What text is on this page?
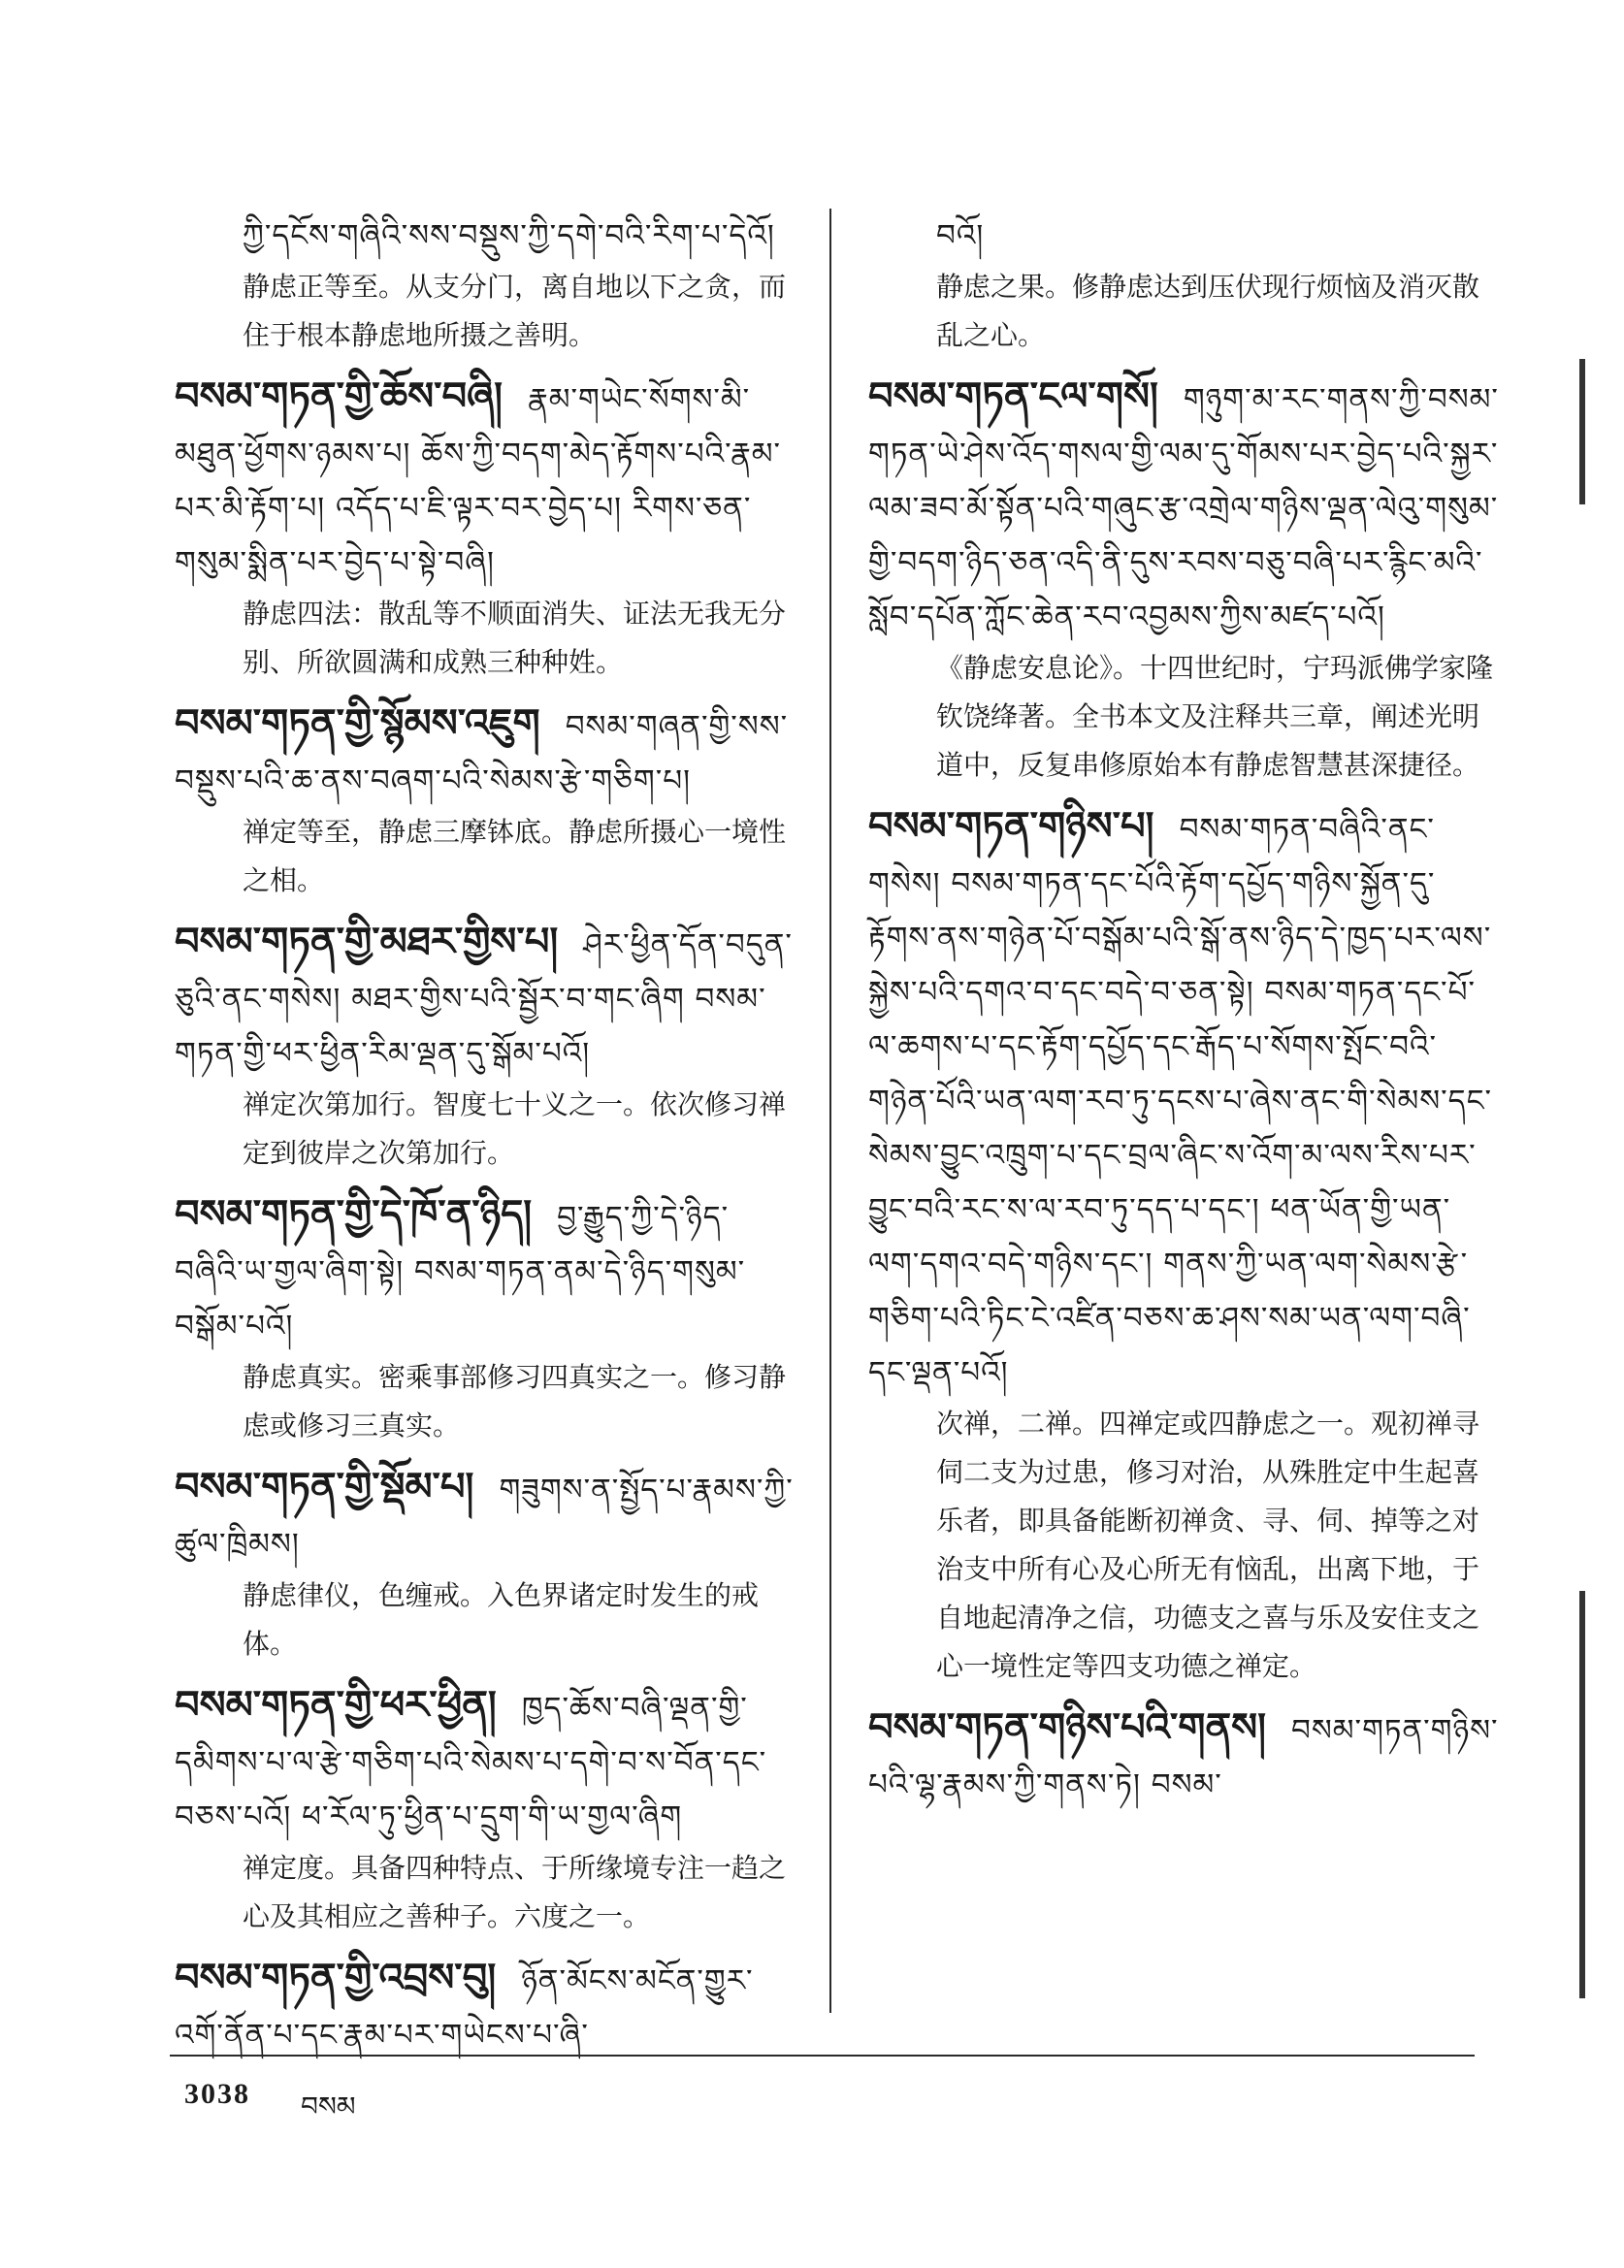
ཀྱི་དངོས་གཞིའི་སས་བསྡུས་ཀྱི་དགེ་བའི་རིག་པ་དེའོ།
静虑正等至。从支分门，离自地以下之贪，而住于根本静虑地所摄之善明。
བསམ་གཏན་གྱི་ཆོས་བཞི། རྣམ་གཡེང་སོགས་མི་མཐུན་ཕྱོགས་ཉམས་པ། ཆོས་ཀྱི་བདག་མེད་རྟོགས་པའི་རྣམ་པར་མི་རྟོག་པ། འདོད་པ་ཇི་ལྟར་བར་བྱེད་པ། རིགས་ཅན་གསུམ་སྨིན་པར་བྱེད་པ་སྟེ་བཞི།
静虑四法：散乱等不顺面消失、证法无我无分别、所欲圆满和成熟三种种姓。
བསམ་གཏན་གྱི་སྙོམས་འཇུག བསམ་གཞན་གྱི་སས་བསྡུས་པའི་ཆ་ནས་བཞག་པའི་སེམས་རྩེ་གཅིག་པ།
禅定等至，静虑三摩钵底。静虑所摄心一境性之相。
བསམ་གཏན་གྱི་མཐར་གྱིས་པ། ཤེར་ཕྱིན་དོན་བདུན་ཅུའི་ནང་གསེས། མཐར་གྱིས་པའི་སྦྱོར་བ་གང་ཞིག བསམ་གཏན་གྱི་ཕར་ཕྱིན་རིམ་ལྡན་དུ་སྒོམ་པའོ།
禅定次第加行。智度七十义之一。依次修习禅定到彼岸之次第加行。
བསམ་གཏན་གྱི་དེ་ཁོ་ན་ཉིད། བྱ་རྒྱུད་ཀྱི་དེ་ཉིད་བཞིའི་ཡ་གྱལ་ཞིག་སྟེ། བསམ་གཏན་ནམ་དེ་ཉིད་གསུམ་བསྒོམ་པའོ།
静虑真实。密乘事部修习四真实之一。修习静虑或修习三真实。
བསམ་གཏན་གྱི་སྡོམ་པ། གཟུགས་ན་སྤྱོད་པ་རྣམས་ཀྱི་ཚུལ་ཁྲིམས།
静虑律仪，色缠戒。入色界诸定时发生的戒体。
བསམ་གཏན་གྱི་ཕར་ཕྱིན། ཁྱད་ཆོས་བཞི་ལྡན་གྱི་དམིགས་པ་ལ་རྩེ་གཅིག་པའི་སེམས་པ་དགེ་བ་ས་བོན་དང་བཅས་པའོ། ཕ་རོལ་ཏུ་ཕྱིན་པ་དྲུག་གི་ཡ་གྱལ་ཞིག
禅定度。具备四种特点、于所缘境专注一趋之心及其相应之善种子。六度之一。
བསམ་གཏན་གྱི་འབྲས་བུ། ཉོན་མོངས་མངོན་གྱུར་འགོ་ནོན་པ་དང་རྣམ་པར་གཡེངས་པ་ཞི་
བའོ།
静虑之果。修静虑达到压伏现行烦恼及消灭散乱之心。
བསམ་གཏན་ངལ་གསོ། གཉུག་མ་རང་གནས་ཀྱི་བསམ་གཏན་ཡེ་ཤེས་འོད་གསལ་གྱི་ལམ་དུ་གོམས་པར་བྱེད་པའི་སྐྱར་ལམ་ཟབ་མོ་སྟོན་པའི་གཞུང་རྩ་འགྲེལ་གཉིས་ལྡན་ལེའུ་གསུམ་གྱི་བདག་ཉིད་ཅན་འདི་ནི་དུས་རབས་བཅུ་བཞི་པར་རྙིང་མའི་སློབ་དཔོན་ཀློང་ཆེན་རབ་འབྱམས་ཀྱིས་མཛད་པའོ།
《静虑安息论》。十四世纪时，宁玛派佛学家隆钦饶绛著。全书本文及注释共三章，阐述光明道中，反复串修原始本有静虑智慧甚深捷径。
བསམ་གཏན་གཉིས་པ། བསམ་གཏན་བཞིའི་ནང་གསེས། བསམ་གཏན་དང་པོའི་རྟོག་དཔྱོད་གཉིས་སྐྱོན་དུ་རྟོགས་ནས་གཉེན་པོ་བསྒོམ་པའི་སྒོ་ནས་ཉིད་དེ་ཁྱད་པར་ལས་སྐྱེས་པའི་དགའ་བ་དང་བདེ་བ་ཅན་སྟེ། བསམ་གཏན་དང་པོ་ལ་ཆགས་པ་དང་རྟོག་དཔྱོད་དང་རྒོད་པ་སོགས་སྤོང་བའི་གཉེན་པོའི་ཡན་ལག་རབ་ཏུ་དངས་པ་ཞེས་ནང་གི་སེམས་དང་སེམས་བྱུང་འཁྲུག་པ་དང་བྲལ་ཞིང་ས་འོག་མ་ལས་རིས་པར་བྱུང་བའི་རང་ས་ལ་རབ་ཏུ་དད་པ་དང་། ཕན་ཡོན་གྱི་ཡན་ལག་དགའ་བདེ་གཉིས་དང་། གནས་ཀྱི་ཡན་ལག་སེམས་རྩེ་གཅིག་པའི་ཏིང་ངེ་འཛིན་བཅས་ཆ་ཤས་སམ་ཡན་ལག་བཞི་དང་ལྡན་པའོ།
次禅，二禅。四禅定或四静虑之一。观初禅寻伺二支为过患，修习对治，从殊胜定中生起喜乐者，即具备能断初禅贪、寻、伺、掉等之对治支中所有心及心所无有恼乱，出离下地，于自地起清净之信，功德支之喜与乐及安住支之心一境性定等四支功德之禅定。
བསམ་གཏན་གཉིས་པའི་གནས། བསམ་གཏན་གཉིས་པའི་ལྷ་རྣམས་ཀྱི་གནས་ཏེ། བསམ་
3038 བསམ
